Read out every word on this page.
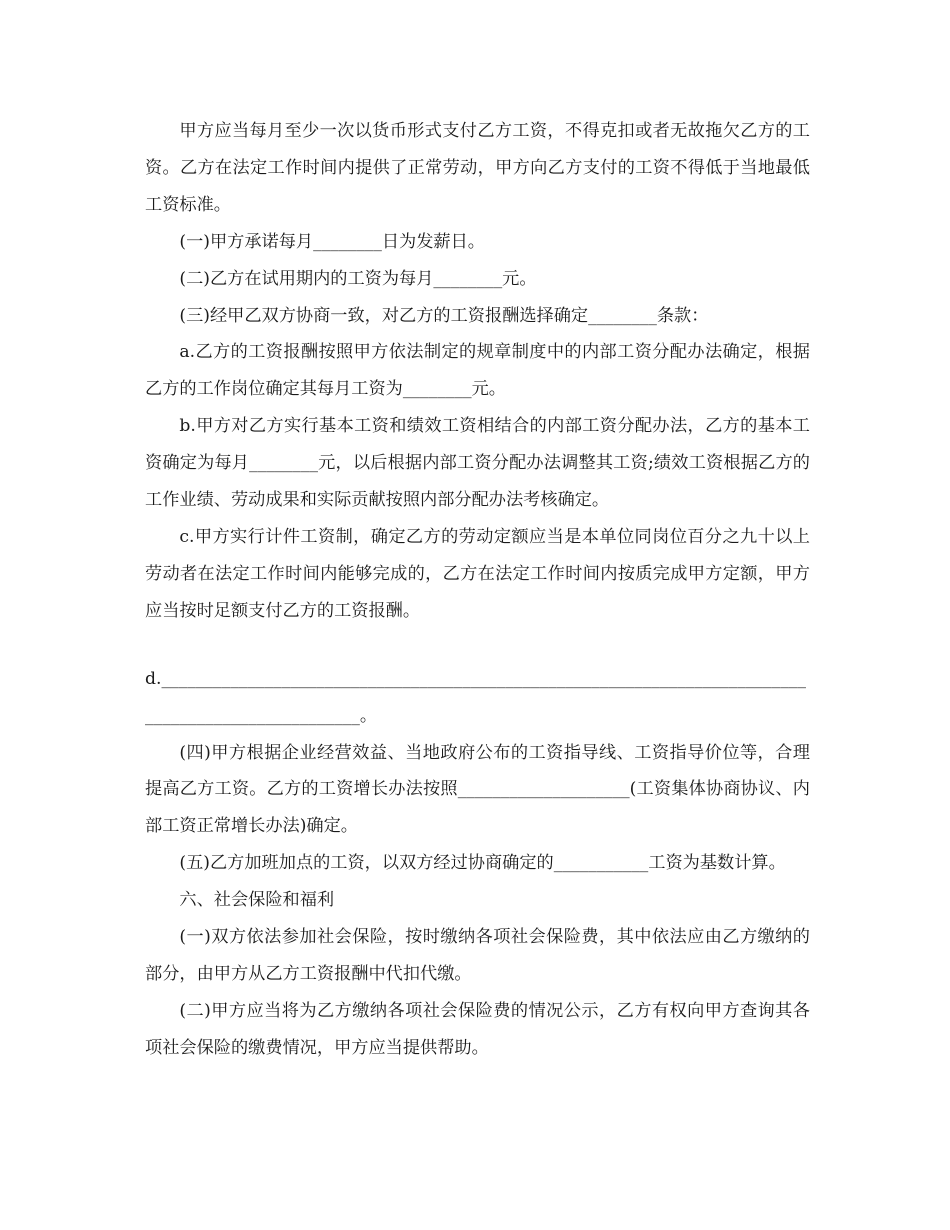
甲方应当每月至少一次以货币形式支付乙方工资，不得克扣或者无故拖欠乙方的工资。乙方在法定工作时间内提供了正常劳动，甲方向乙方支付的工资不得低于当地最低工资标准。

(一)甲方承诺每月________日为发薪日。

(二)乙方在试用期内的工资为每月________元。

(三)经甲乙双方协商一致，对乙方的工资报酬选择确定________条款：

a.乙方的工资报酬按照甲方依法制定的规章制度中的内部工资分配办法确定，根据乙方的工作岗位确定其每月工资为________元。

b.甲方对乙方实行基本工资和绩效工资相结合的内部工资分配办法，乙方的基本工资确定为每月________元，以后根据内部工资分配办法调整其工资;绩效工资根据乙方的工作业绩、劳动成果和实际贡献按照内部分配办法考核确定。

c.甲方实行计件工资制，确定乙方的劳动定额应当是本单位同岗位百分之九十以上劳动者在法定工作时间内能够完成的，乙方在法定工作时间内按质完成甲方定额，甲方应当按时足额支付乙方的工资报酬。

d.____________________________________________________________________________________________________。

(四)甲方根据企业经营效益、当地政府公布的工资指导线、工资指导价位等，合理提高乙方工资。乙方的工资增长办法按照____________________(工资集体协商协议、内部工资正常增长办法)确定。

(五)乙方加班加点的工资，以双方经过协商确定的___________工资为基数计算。

六、社会保险和福利

(一)双方依法参加社会保险，按时缴纳各项社会保险费，其中依法应由乙方缴纳的部分，由甲方从乙方工资报酬中代扣代缴。

(二)甲方应当将为乙方缴纳各项社会保险费的情况公示，乙方有权向甲方查询其各项社会保险的缴费情况，甲方应当提供帮助。
